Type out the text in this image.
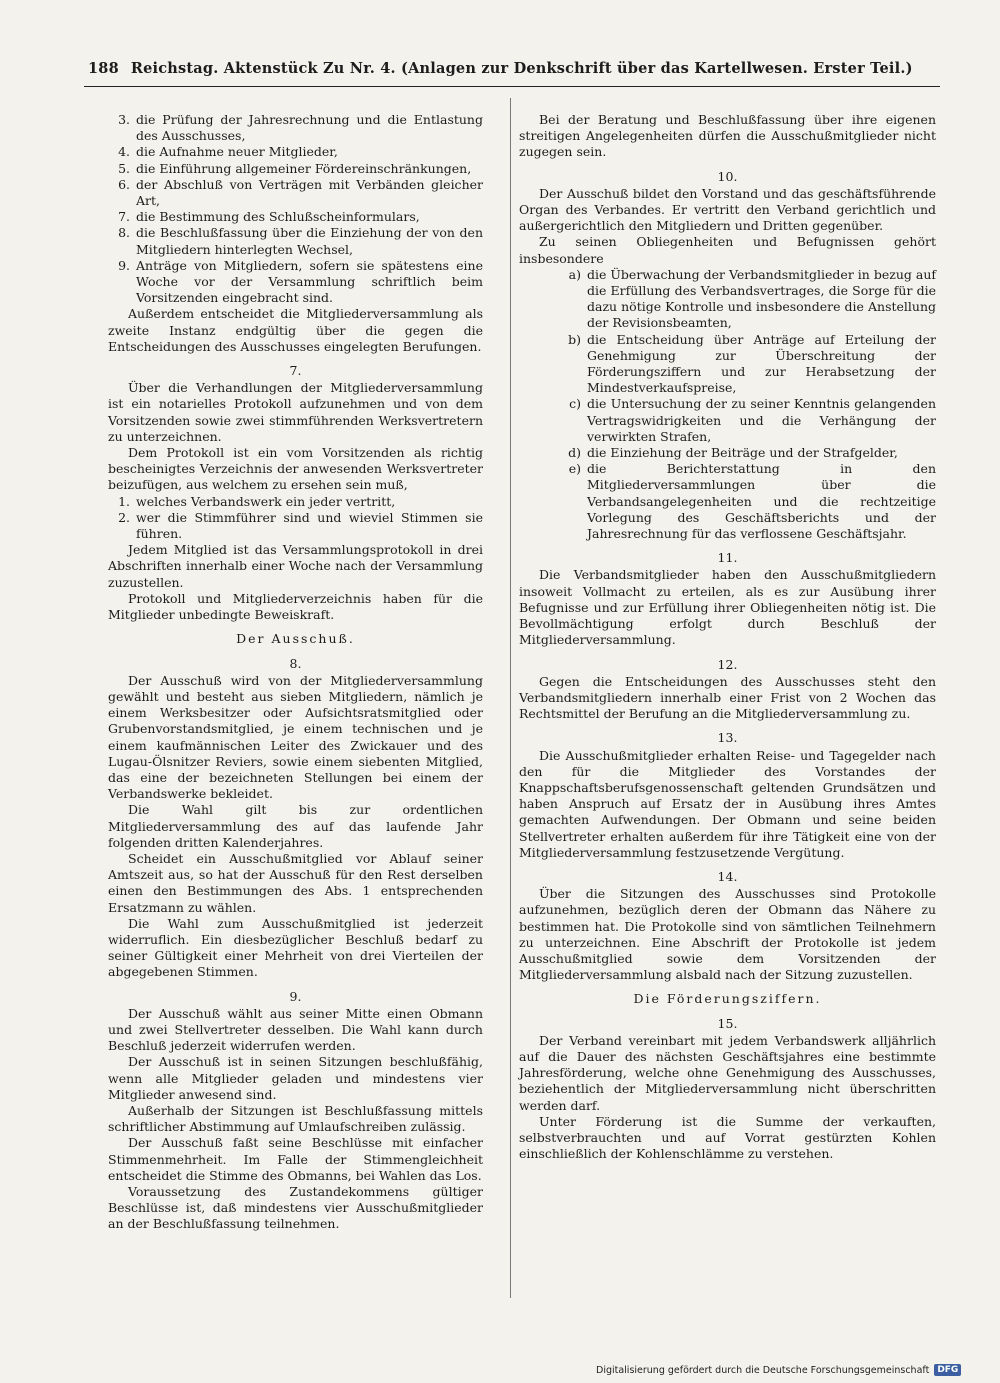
188 Reichstag. Aktenstück Zu Nr. 4. (Anlagen zur Denkschrift über das Kartellwesen. Erster Teil.)
3. die Prüfung der Jahresrechnung und die Entlastung des Ausschusses,
4. die Aufnahme neuer Mitglieder,
5. die Einführung allgemeiner Fördereinschränkungen,
6. der Abschluß von Verträgen mit Verbänden gleicher Art,
7. die Bestimmung des Schlußscheinformulars,
8. die Beschlußfassung über die Einziehung der von den Mitgliedern hinterlegten Wechsel,
9. Anträge von Mitgliedern, sofern sie spätestens eine Woche vor der Versammlung schriftlich beim Vorsitzenden eingebracht sind.

Außerdem entscheidet die Mitgliederversammlung als zweite Instanz endgültig über die gegen die Entscheidungen des Ausschusses eingelegten Berufungen.

7.

Über die Verhandlungen der Mitgliederversammlung ist ein notarielles Protokoll aufzunehmen und von dem Vorsitzenden sowie zwei stimmführenden Werksvertretern zu unterzeichnen.

Dem Protokoll ist ein vom Vorsitzenden als richtig bescheinigtes Verzeichnis der anwesenden Werksvertreter beizufügen, aus welchem zu ersehen sein muß,

1. welches Verbandswerk ein jeder vertritt,
2. wer die Stimmführer sind und wieviel Stimmen sie führen.

Jedem Mitglied ist das Versammlungsprotokoll in drei Abschriften innerhalb einer Woche nach der Versammlung zuzustellen.

Protokoll und Mitgliederverzeichnis haben für die Mitglieder unbedingte Beweiskraft.

Der Ausschuß.
8.

Der Ausschuß wird von der Mitgliederversammlung gewählt und besteht aus sieben Mitgliedern, nämlich je einem Werksbesitzer oder Aufsichtsratsmitglied oder Grubenvorstandsmitglied, je einem technischen und je einem kaufmännischen Leiter des Zwickauer und des Lugau-Ölsnitzer Reviers, sowie einem siebenten Mitglied, das eine der bezeichneten Stellungen bei einem der Verbandswerke bekleidet.

Die Wahl gilt bis zur ordentlichen Mitgliederversammlung des auf das laufende Jahr folgenden dritten Kalenderjahres.

Scheidet ein Ausschußmitglied vor Ablauf seiner Amtszeit aus, so hat der Ausschuß für den Rest derselben einen den Bestimmungen des Abs. 1 entsprechenden Ersatzmann zu wählen.

Die Wahl zum Ausschußmitglied ist jederzeit widerruflich. Ein diesbezüglicher Beschluß bedarf zu seiner Gültigkeit einer Mehrheit von drei Vierteilen der abgegebenen Stimmen.

9.

Der Ausschuß wählt aus seiner Mitte einen Obmann und zwei Stellvertreter desselben. Die Wahl kann durch Beschluß jederzeit widerrufen werden.

Der Ausschuß ist in seinen Sitzungen beschlußfähig, wenn alle Mitglieder geladen und mindestens vier Mitglieder anwesend sind.

Außerhalb der Sitzungen ist Beschlußfassung mittels schriftlicher Abstimmung auf Umlaufschreiben zulässig.

Der Ausschuß faßt seine Beschlüsse mit einfacher Stimmenmehrheit. Im Falle der Stimmengleichheit entscheidet die Stimme des Obmanns, bei Wahlen das Los.

Voraussetzung des Zustandekommens gültiger Beschlüsse ist, daß mindestens vier Ausschußmitglieder an der Beschlußfassung teilnehmen.

Bei der Beratung und Beschlußfassung über ihre eigenen streitigen Angelegenheiten dürfen die Ausschußmitglieder nicht zugegen sein.

10.

Der Ausschuß bildet den Vorstand und das geschäftsführende Organ des Verbandes. Er vertritt den Verband gerichtlich und außergerichtlich den Mitgliedern und Dritten gegenüber.

Zu seinen Obliegenheiten und Befugnissen gehört insbesondere

a) die Überwachung der Verbandsmitglieder in bezug auf die Erfüllung des Verbandsvertrages, die Sorge für die dazu nötige Kontrolle und insbesondere die Anstellung der Revisionsbeamten,
b) die Entscheidung über Anträge auf Erteilung der Genehmigung zur Überschreitung der Förderungsziffern und zur Herabsetzung der Mindestverkaufspreise,
c) die Untersuchung der zu seiner Kenntnis gelangenden Vertragswidrigkeiten und die Verhängung der verwirkten Strafen,
d) die Einziehung der Beiträge und der Strafgelder,
e) die Berichterstattung in den Mitgliederversammlungen über die Verbandsangelegenheiten und die rechtzeitige Vorlegung des Geschäftsberichts und der Jahresrechnung für das verflossene Geschäftsjahr.
11.

Die Verbandsmitglieder haben den Ausschußmitgliedern insoweit Vollmacht zu erteilen, als es zur Ausübung ihrer Befugnisse und zur Erfüllung ihrer Obliegenheiten nötig ist. Die Bevollmächtigung erfolgt durch Beschluß der Mitgliederversammlung.

12.

Gegen die Entscheidungen des Ausschusses steht den Verbandsmitgliedern innerhalb einer Frist von 2 Wochen das Rechtsmittel der Berufung an die Mitgliederversammlung zu.

13.

Die Ausschußmitglieder erhalten Reise- und Tagegelder nach den für die Mitglieder des Vorstandes der Knappschaftsberufsgenossenschaft geltenden Grundsätzen und haben Anspruch auf Ersatz der in Ausübung ihres Amtes gemachten Aufwendungen. Der Obmann und seine beiden Stellvertreter erhalten außerdem für ihre Tätigkeit eine von der Mitgliederversammlung festzusetzende Vergütung.

14.

Über die Sitzungen des Ausschusses sind Protokolle aufzunehmen, bezüglich deren der Obmann das Nähere zu bestimmen hat. Die Protokolle sind von sämtlichen Teilnehmern zu unterzeichnen. Eine Abschrift der Protokolle ist jedem Ausschußmitglied sowie dem Vorsitzenden der Mitgliederversammlung alsbald nach der Sitzung zuzustellen.

Die Förderungsziffern.
15.

Der Verband vereinbart mit jedem Verbandswerk alljährlich auf die Dauer des nächsten Geschäftsjahres eine bestimmte Jahresförderung, welche ohne Genehmigung des Ausschusses, beziehentlich der Mitgliederversammlung nicht überschritten werden darf.

Unter Förderung ist die Summe der verkauften, selbstverbrauchten und auf Vorrat gestürzten Kohlen einschließlich der Kohlenschlämme zu verstehen.

Digitalisierung gefördert durch die Deutsche Forschungsgemeinschaft DFG
